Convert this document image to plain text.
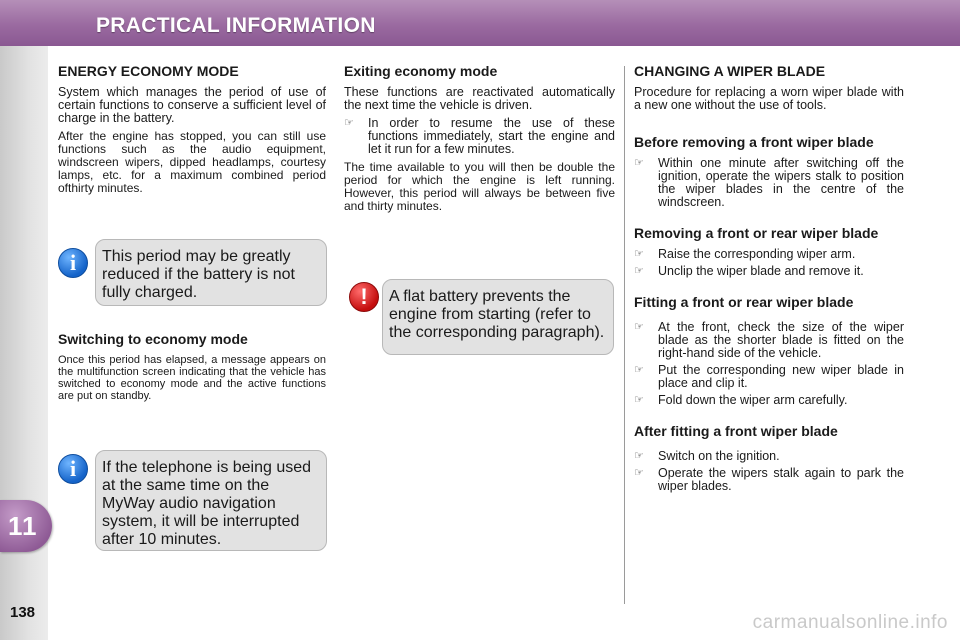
PRACTICAL INFORMATION
11
138
ENERGY ECONOMY MODE

System which manages the period of use of certain functions to conserve a sufficient level of charge in the battery.

After the engine has stopped, you can still use functions such as the audio equipment, windscreen wipers, dipped headlamps, courtesy lamps, etc. for a maximum combined period ofthirty minutes.

This period may be greatly reduced if the battery is not fully charged.
i
Switching to economy mode

Once this period has elapsed, a message appears on the multifunction screen indicating that the vehicle has switched to economy mode and the active functions are put on standby.

If the telephone is being used at the same time on the MyWay audio navigation system, it will be interrupted after 10 minutes.
i
Exiting economy mode

These functions are reactivated automatically the next time the vehicle is driven.

☞ In order to resume the use of these functions immediately, start the engine and let it run for a few minutes.

The time available to you will then be double the period for which the engine is left running. However, this period will always be between five and thirty minutes.

A flat battery prevents the engine from starting (refer to the corresponding paragraph).
!
CHANGING A WIPER BLADE

Procedure for replacing a worn wiper blade with a new one without the use of tools.

Before removing a front wiper blade
☞ Within one minute after switching off the ignition, operate the wipers stalk to position the wiper blades in the centre of the windscreen.
Removing a front or rear wiper blade
☞ Raise the corresponding wiper arm.
☞ Unclip the wiper blade and remove it.
Fitting a front or rear wiper blade
☞ At the front, check the size of the wiper blade as the shorter blade is fitted on the right-hand side of the vehicle.
☞ Put the corresponding new wiper blade in place and clip it.
☞ Fold down the wiper arm carefully.
After fitting a front wiper blade
☞ Switch on the ignition.
☞ Operate the wipers stalk again to park the wiper blades.
carmanualsonline.info
